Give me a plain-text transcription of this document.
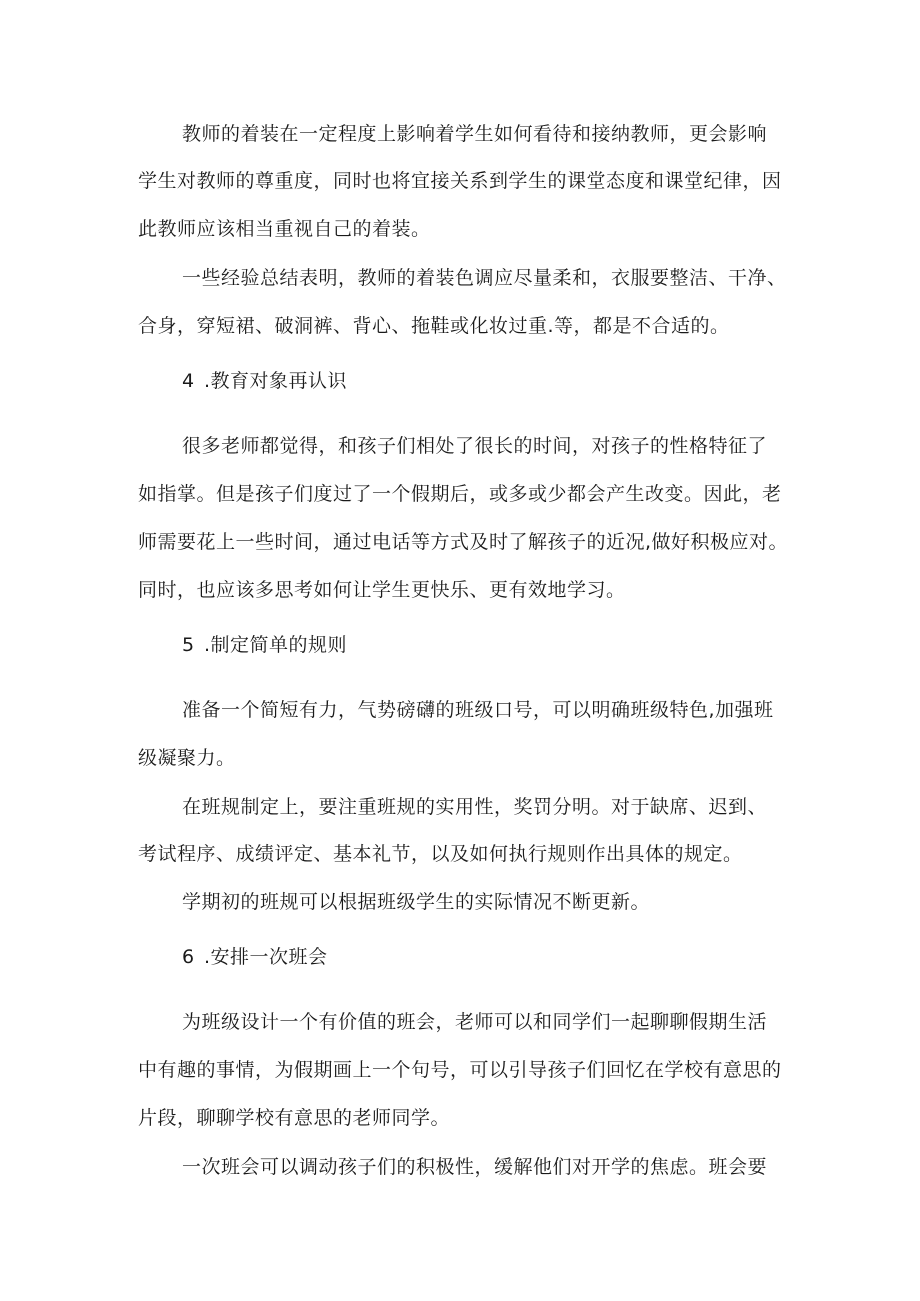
教师的着装在一定程度上影响着学生如何看待和接纳教师，更会影响
学生对教师的尊重度，同时也将宜接关系到学生的课堂态度和课堂纪律，因
此教师应该相当重视自己的着装。
一些经验总结表明，教师的着装色调应尽量柔和，衣服要整洁、干净、
合身，穿短裙、破洞裤、背心、拖鞋或化妆过重.等，都是不合适的。
4 .教育对象再认识
很多老师都觉得，和孩子们相处了很长的时间，对孩子的性格特征了
如指掌。但是孩子们度过了一个假期后，或多或少都会产生改变。因此，老
师需要花上一些时间，通过电话等方式及时了解孩子的近况,做好积极应对。
同时，也应该多思考如何让学生更快乐、更有效地学习。
5 .制定简单的规则
准备一个简短有力，气势磅礴的班级口号，可以明确班级特色,加强班
级凝聚力。
在班规制定上，要注重班规的实用性，奖罚分明。对于缺席、迟到、
考试程序、成绩评定、基本礼节，以及如何执行规则作出具体的规定。
学期初的班规可以根据班级学生的实际情况不断更新。
6 .安排一次班会
为班级设计一个有价值的班会，老师可以和同学们一起聊聊假期生活
中有趣的事情，为假期画上一个句号，可以引导孩子们回忆在学校有意思的
片段，聊聊学校有意思的老师同学。
一次班会可以调动孩子们的积极性，缓解他们对开学的焦虑。班会要
